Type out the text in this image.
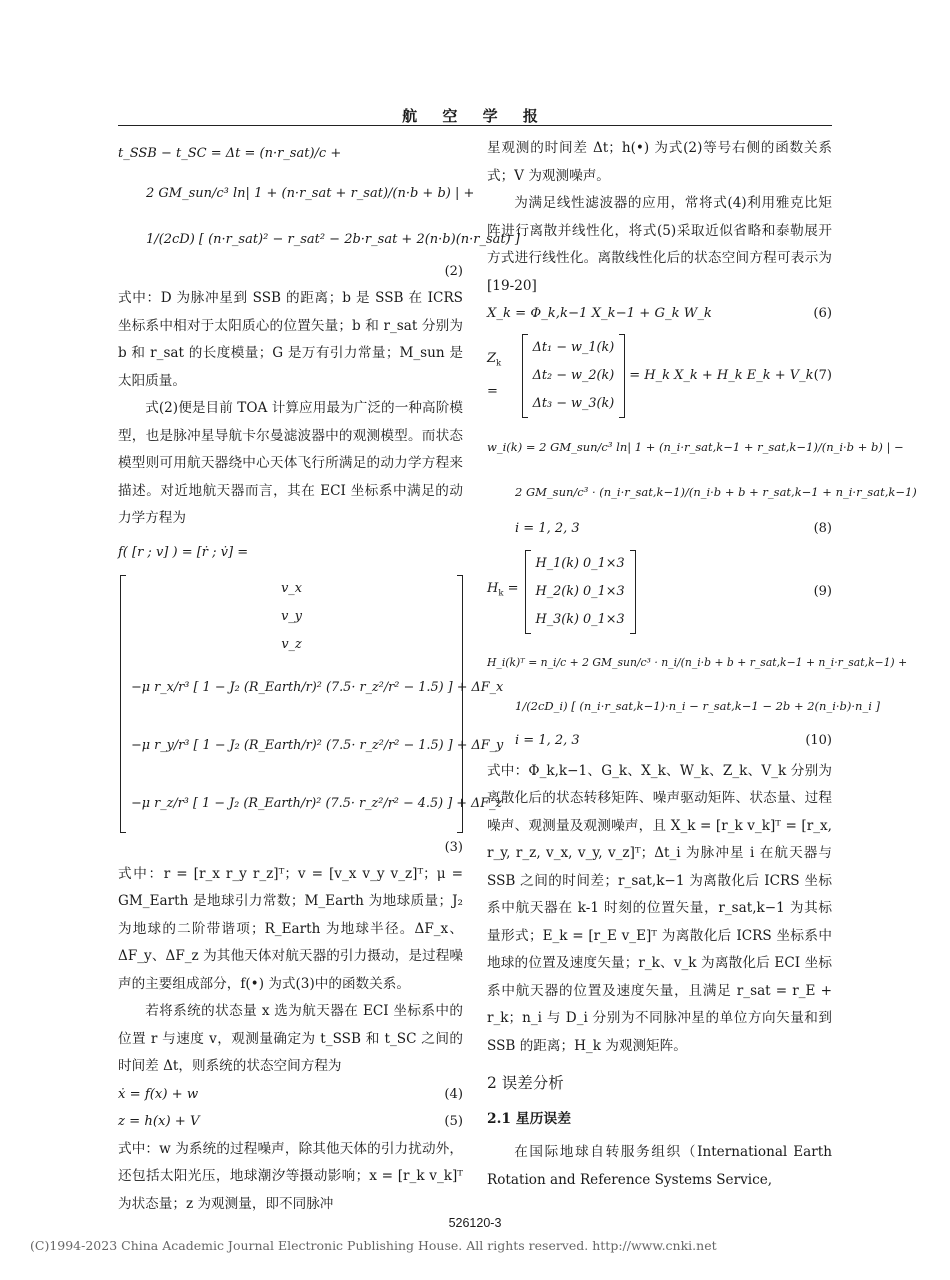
航 空 学 报
t_SSB − t_SC = Δt = (n·r_sat)/c +
2 GM_sun/c³ ln| 1 + (n·r_sat + r_sat)/(n·b + b) | +
1/(2cD) [ (n·r_sat)² − r_sat² − 2b·r_sat + 2(n·b)(n·r_sat) ]
(2)

式中：D 为脉冲星到 SSB 的距离；b 是 SSB 在 ICRS 坐标系中相对于太阳质心的位置矢量；b 和 r_sat 分别为 b 和 r_sat 的长度模量；G 是万有引力常量；M_sun 是太阳质量。

式(2)便是目前 TOA 计算应用最为广泛的一种高阶模型，也是脉冲星导航卡尔曼滤波器中的观测模型。而状态模型则可用航天器绕中心天体飞行所满足的动力学方程来描述。对近地航天器而言，其在 ECI 坐标系中满足的动力学方程为

f( [r ; v] ) = [ṙ ; v̇] =
v_x
v_y
v_z
−μ r_x/r³ [ 1 − J₂ (R_Earth/r)² (7.5· r_z²/r² − 1.5) ] + ΔF_x
−μ r_y/r³ [ 1 − J₂ (R_Earth/r)² (7.5· r_z²/r² − 1.5) ] + ΔF_y
−μ r_z/r³ [ 1 − J₂ (R_Earth/r)² (7.5· r_z²/r² − 4.5) ] + ΔF_z
(3)

式中：r = [r_x r_y r_z]ᵀ；v = [v_x v_y v_z]ᵀ；μ = GM_Earth 是地球引力常数；M_Earth 为地球质量；J₂ 为地球的二阶带谐项；R_Earth 为地球半径。ΔF_x、ΔF_y、ΔF_z 为其他天体对航天器的引力摄动，是过程噪声的主要组成部分，f(•) 为式(3)中的函数关系。

若将系统的状态量 x 选为航天器在 ECI 坐标系中的位置 r 与速度 v，观测量确定为 t_SSB 和 t_SC 之间的时间差 Δt，则系统的状态空间方程为

ẋ = f(x) + w	(4)
z = h(x) + V	(5)

式中：w 为系统的过程噪声，除其他天体的引力扰动外，还包括太阳光压，地球潮汐等摄动影响；x = [r_k v_k]ᵀ 为状态量；z 为观测量，即不同脉冲

星观测的时间差 Δt；h(•) 为式(2)等号右侧的函数关系式；V 为观测噪声。

为满足线性滤波器的应用，常将式(4)利用雅克比矩阵进行离散并线性化，将式(5)采取近似省略和泰勒展开方式进行线性化。离散线性化后的状态空间方程可表示为[19-20]

X_k = Φ_k,k−1 X_k−1 + G_k W_k	(6)
$Z_k$ =
Δt₁ − w_1(k)
Δt₂ − w_2(k)
Δt₃ − w_3(k)
= H_k X_k + H_k E_k + V_k (7)
w_i(k) = 2 GM_sun/c³ ln| 1 + (n_i·r_sat,k−1 + r_sat,k−1)/(n_i·b + b) | −
2 GM_sun/c³ · (n_i·r_sat,k−1)/(n_i·b + b + r_sat,k−1 + n_i·r_sat,k−1)
i = 1, 2, 3	(8)
$H_k$ =
H_1(k) 0_1×3
H_2(k) 0_1×3
H_3(k) 0_1×3
(9)
H_i(k)ᵀ = n_i/c + 2 GM_sun/c³ · n_i/(n_i·b + b + r_sat,k−1 + n_i·r_sat,k−1) +
1/(2cD_i) [ (n_i·r_sat,k−1)·n_i − r_sat,k−1 − 2b + 2(n_i·b)·n_i ]
i = 1, 2, 3	(10)

式中：Φ_k,k−1、G_k、X_k、W_k、Z_k、V_k 分别为离散化后的状态转移矩阵、噪声驱动矩阵、状态量、过程噪声、观测量及观测噪声，且 X_k = [r_k v_k]ᵀ = [r_x, r_y, r_z, v_x, v_y, v_z]ᵀ；Δt_i 为脉冲星 i 在航天器与 SSB 之间的时间差；r_sat,k−1 为离散化后 ICRS 坐标系中航天器在 k-1 时刻的位置矢量，r_sat,k−1 为其标量形式；E_k = [r_E v_E]ᵀ 为离散化后 ICRS 坐标系中地球的位置及速度矢量；r_k、v_k 为离散化后 ECI 坐标系中航天器的位置及速度矢量，且满足 r_sat = r_E + r_k；n_i 与 D_i 分别为不同脉冲星的单位方向矢量和到 SSB 的距离；H_k 为观测矩阵。

2 误差分析
2.1 星历误差

在国际地球自转服务组织（International Earth Rotation and Reference Systems Service,

526120-3
(C)1994-2023 China Academic Journal Electronic Publishing House. All rights reserved. http://www.cnki.net
